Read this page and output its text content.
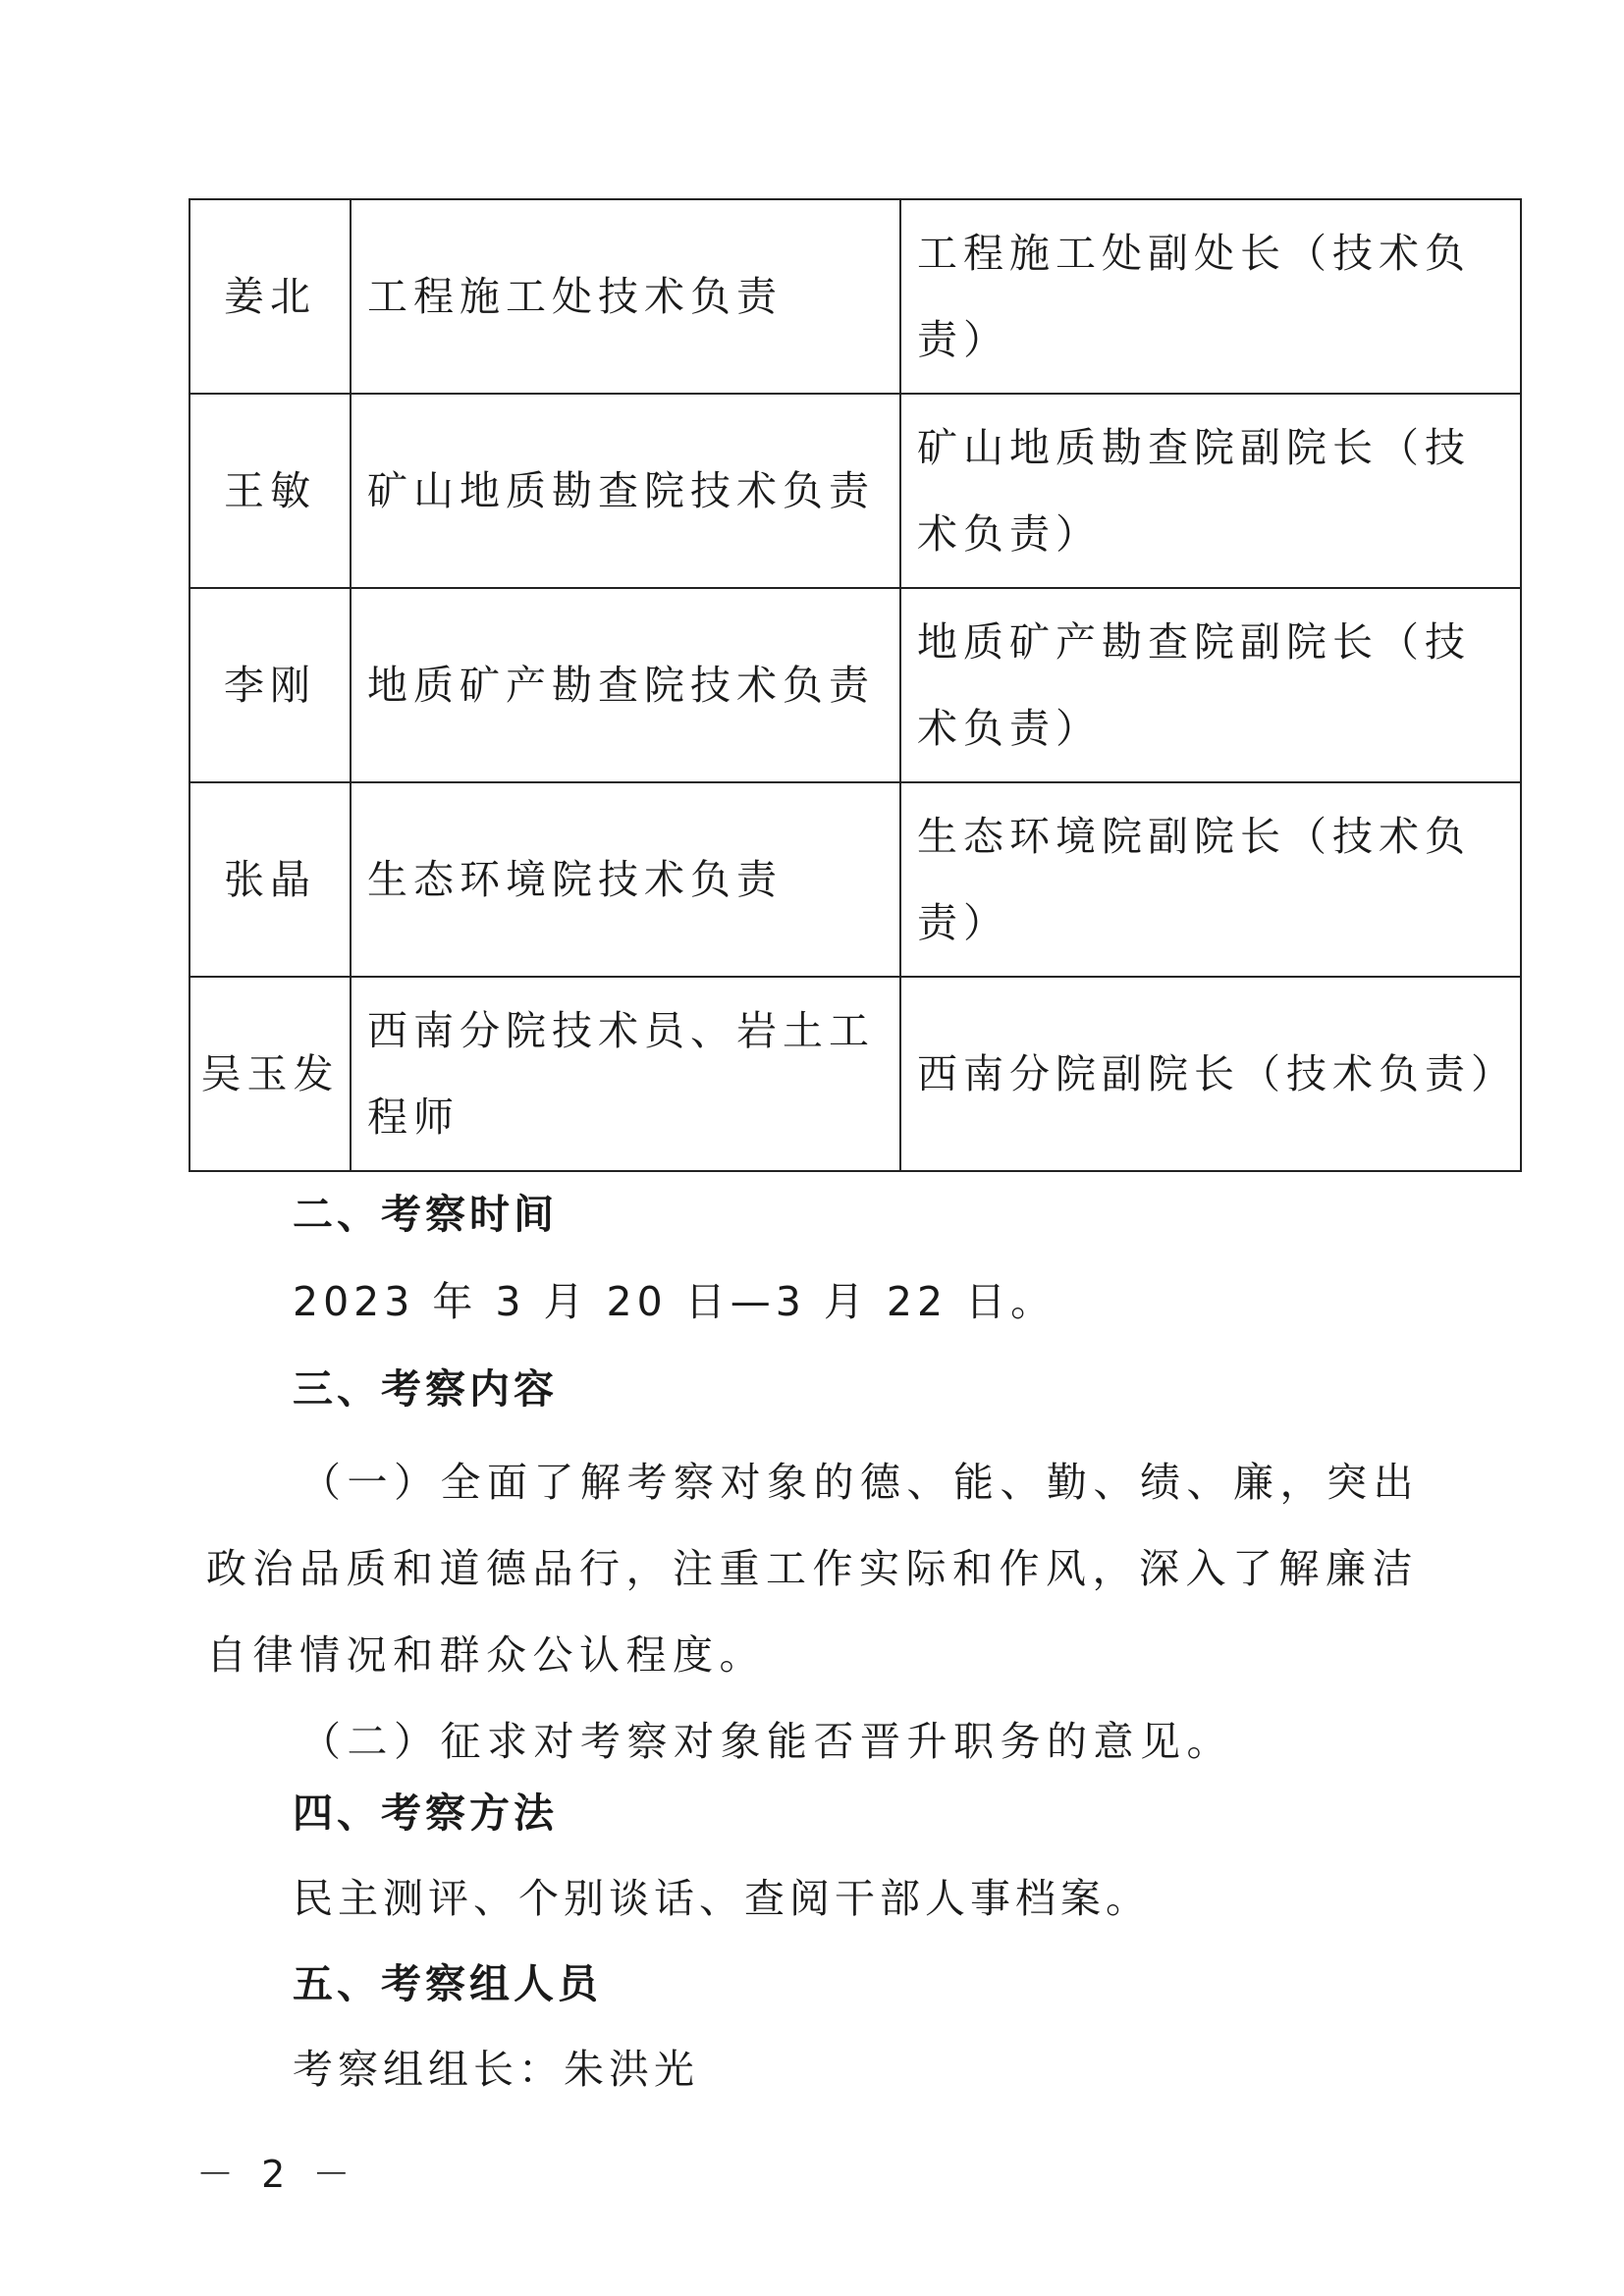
姜北	工程施工处技术负责	工程施工处副处长（技术负责）
王敏	矿山地质勘查院技术负责	矿山地质勘查院副院长（技术负责）
李刚	地质矿产勘查院技术负责	地质矿产勘查院副院长（技术负责）
张晶	生态环境院技术负责	生态环境院副院长（技术负责）
吴玉发	西南分院技术员、岩土工程师	西南分院副院长（技术负责）
二、考察时间

2023 年 3 月 20 日—3 月 22 日。

三、考察内容

（一）全面了解考察对象的德、能、勤、绩、廉，突出政治品质和道德品行，注重工作实际和作风，深入了解廉洁自律情况和群众公认程度。

（二）征求对考察对象能否晋升职务的意见。

四、考察方法

民主测评、个别谈话、查阅干部人事档案。

五、考察组人员

考察组组长：朱洪光

－ 2 －
